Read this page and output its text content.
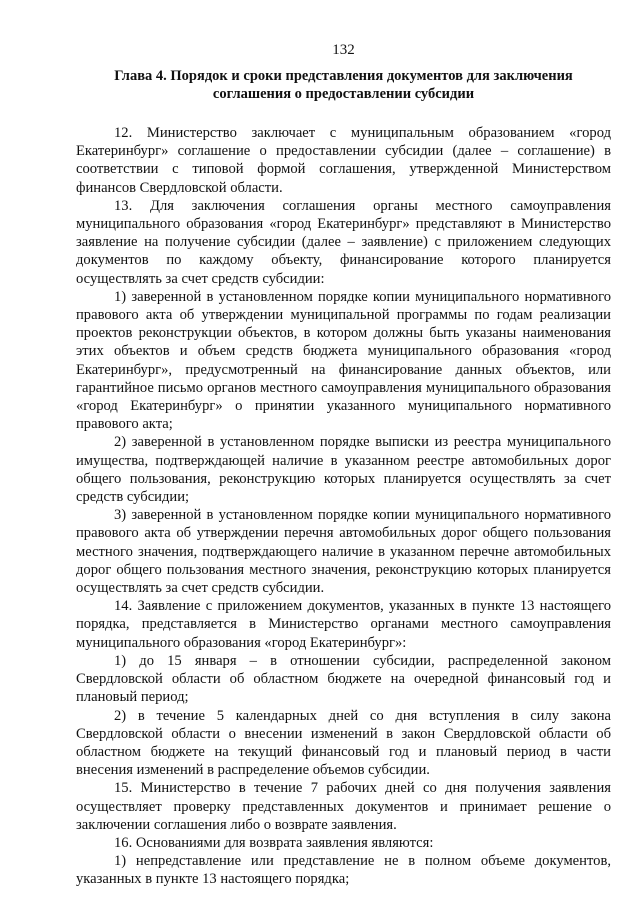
132
Глава 4. Порядок и сроки представления документов для заключения соглашения о предоставлении субсидии

12. Министерство заключает с муниципальным образованием «город Екатеринбург» соглашение о предоставлении субсидии (далее – соглашение) в соответствии с типовой формой соглашения, утвержденной Министерством финансов Свердловской области.

13. Для заключения соглашения органы местного самоуправления муниципального образования «город Екатеринбург» представляют в Министерство заявление на получение субсидии (далее – заявление) с приложением следующих документов по каждому объекту, финансирование которого планируется осуществлять за счет средств субсидии:

1) заверенной в установленном порядке копии муниципального нормативного правового акта об утверждении муниципальной программы по годам реализации проектов реконструкции объектов, в котором должны быть указаны наименования этих объектов и объем средств бюджета муниципального образования «город Екатеринбург», предусмотренный на финансирование данных объектов, или гарантийное письмо органов местного самоуправления муниципального образования «город Екатеринбург» о принятии указанного муниципального нормативного правового акта;

2) заверенной в установленном порядке выписки из реестра муниципального имущества, подтверждающей наличие в указанном реестре автомобильных дорог общего пользования, реконструкцию которых планируется осуществлять за счет средств субсидии;

3) заверенной в установленном порядке копии муниципального нормативного правового акта об утверждении перечня автомобильных дорог общего пользования местного значения, подтверждающего наличие в указанном перечне автомобильных дорог общего пользования местного значения, реконструкцию которых планируется осуществлять за счет средств субсидии.

14. Заявление с приложением документов, указанных в пункте 13 настоящего порядка, представляется в Министерство органами местного самоуправления муниципального образования «город Екатеринбург»:

1) до 15 января – в отношении субсидии, распределенной законом Свердловской области об областном бюджете на очередной финансовый год и плановый период;

2) в течение 5 календарных дней со дня вступления в силу закона Свердловской области о внесении изменений в закон Свердловской области об областном бюджете на текущий финансовый год и плановый период в части внесения изменений в распределение объемов субсидии.

15. Министерство в течение 7 рабочих дней со дня получения заявления осуществляет проверку представленных документов и принимает решение о заключении соглашения либо о возврате заявления.

16. Основаниями для возврата заявления являются:

1) непредставление или представление не в полном объеме документов, указанных в пункте 13 настоящего порядка;
